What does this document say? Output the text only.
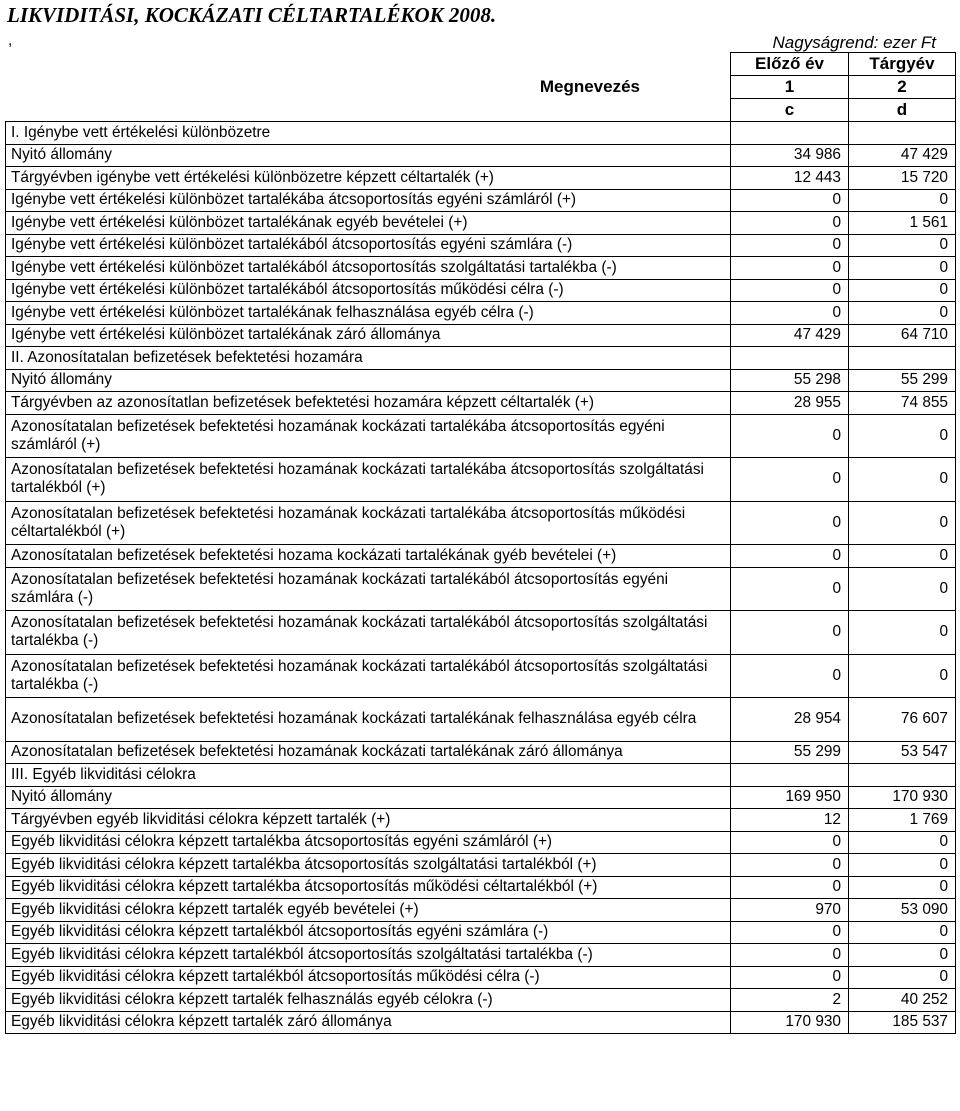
LIKVIDITÁSI, KOCKÁZATI CÉLTARTALÉKOK 2008.
,	Nagyságrend: ezer Ft
	Előző év	Tárgyév
Megnevezés	1	2
	c	d
I. Igénybe vett értékelési különbözetre		
Nyitó állomány	34 986	47 429
Tárgyévben igénybe vett értékelési különbözetre képzett céltartalék (+)	12 443	15 720
Igénybe vett értékelési különbözet tartalékába átcsoportosítás egyéni számláról (+)	0	0
Igénybe vett értékelési különbözet tartalékának egyéb bevételei (+)	0	1 561
Igénybe vett értékelési különbözet tartalékából átcsoportosítás egyéni számlára (-)	0	0
Igénybe vett értékelési különbözet tartalékából átcsoportosítás szolgáltatási tartalékba (-)	0	0
Igénybe vett értékelési különbözet tartalékából átcsoportosítás működési célra (-)	0	0
Igénybe vett értékelési különbözet tartalékának felhasználása egyéb célra (-)	0	0
Igénybe vett értékelési különbözet tartalékának záró állománya	47 429	64 710
II. Azonosítatalan befizetések befektetési hozamára		
Nyitó állomány	55 298	55 299
Tárgyévben az azonosítatlan befizetések befektetési hozamára képzett céltartalék (+)	28 955	74 855
Azonosítatalan befizetések befektetési hozamának kockázati tartalékába átcsoportosítás egyéni számláról (+)	0	0
Azonosítatalan befizetések befektetési hozamának kockázati tartalékába átcsoportosítás szolgáltatási tartalékból (+)	0	0
Azonosítatalan befizetések befektetési hozamának kockázati tartalékába átcsoportosítás működési céltartalékból (+)	0	0
Azonosítatalan befizetések befektetési hozama kockázati tartalékának gyéb bevételei (+)	0	0
Azonosítatalan befizetések befektetési hozamának kockázati tartalékából átcsoportosítás egyéni számlára (-)	0	0
Azonosítatalan befizetések befektetési hozamának kockázati tartalékából átcsoportosítás szolgáltatási tartalékba (-)	0	0
Azonosítatalan befizetések befektetési hozamának kockázati tartalékából átcsoportosítás szolgáltatási tartalékba (-)	0	0
Azonosítatalan befizetések befektetési hozamának kockázati tartalékának felhasználása egyéb célra	28 954	76 607
Azonosítatalan befizetések befektetési hozamának kockázati tartalékának záró állománya	55 299	53 547
III. Egyéb likviditási célokra		
Nyitó állomány	169 950	170 930
Tárgyévben egyéb likviditási célokra képzett tartalék (+)	12	1 769
Egyéb likviditási célokra képzett tartalékba átcsoportosítás egyéni számláról (+)	0	0
Egyéb likviditási célokra képzett tartalékba átcsoportosítás szolgáltatási tartalékból (+)	0	0
Egyéb likviditási célokra képzett tartalékba átcsoportosítás működési céltartalékból (+)	0	0
Egyéb likviditási célokra képzett tartalék egyéb bevételei (+)	970	53 090
Egyéb likviditási célokra képzett tartalékból átcsoportosítás egyéni számlára (-)	0	0
Egyéb likviditási célokra képzett tartalékból átcsoportosítás szolgáltatási tartalékba (-)	0	0
Egyéb likviditási célokra képzett tartalékból átcsoportosítás működési célra (-)	0	0
Egyéb likviditási célokra képzett tartalék felhasználás egyéb célokra (-)	2	40 252
Egyéb likviditási célokra képzett tartalék záró állománya	170 930	185 537
